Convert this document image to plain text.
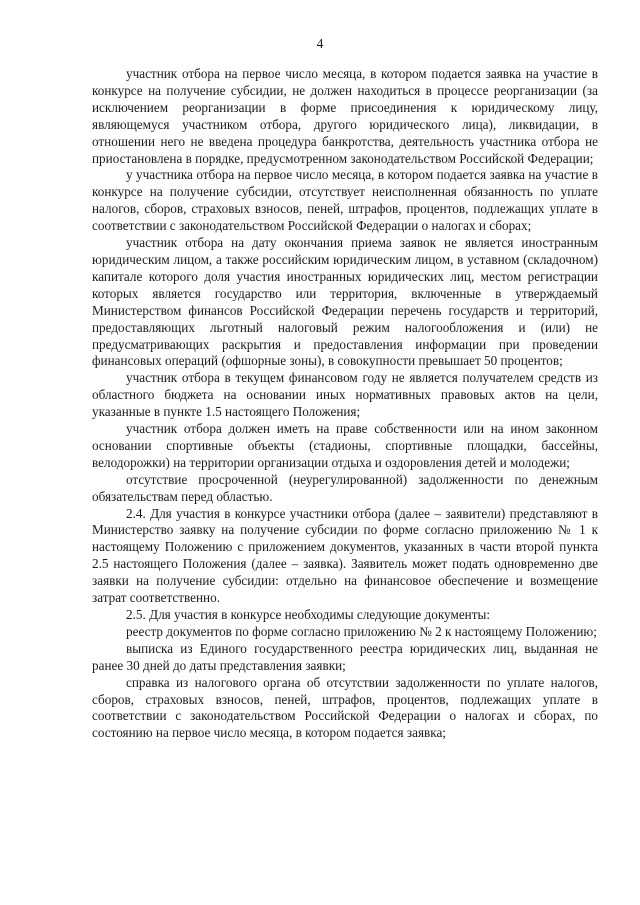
4

участник отбора на первое число месяца, в котором подается заявка на участие в конкурсе на получение субсидии, не должен находиться в процессе реорганизации (за исключением реорганизации в форме присоединения к юридическому лицу, являющемуся участником отбора, другого юридического лица), ликвидации, в отношении него не введена процедура банкротства, деятельность участника отбора не приостановлена в порядке, предусмотренном законодательством Российской Федерации;

у участника отбора на первое число месяца, в котором подается заявка на участие в конкурсе на получение субсидии, отсутствует неисполненная обязанность по уплате налогов, сборов, страховых взносов, пеней, штрафов, процентов, подлежащих уплате в соответствии с законодательством Российской Федерации о налогах и сборах;

участник отбора на дату окончания приема заявок не является иностранным юридическим лицом, а также российским юридическим лицом, в уставном (складочном) капитале которого доля участия иностранных юридических лиц, местом регистрации которых является государство или территория, включенные в утверждаемый Министерством финансов Российской Федерации перечень государств и территорий, предоставляющих льготный налоговый режим налогообложения и (или) не предусматривающих раскрытия и предоставления информации при проведении финансовых операций (офшорные зоны), в совокупности превышает 50 процентов;

участник отбора в текущем финансовом году не является получателем средств из областного бюджета на основании иных нормативных правовых актов на цели, указанные в пункте 1.5 настоящего Положения;

участник отбора должен иметь на праве собственности или на ином законном основании спортивные объекты (стадионы, спортивные площадки, бассейны, велодорожки) на территории организации отдыха и оздоровления детей и молодежи;

отсутствие просроченной (неурегулированной) задолженности по денежным обязательствам перед областью.

2.4. Для участия в конкурсе участники отбора (далее – заявители) представляют в Министерство заявку на получение субсидии по форме согласно приложению № 1 к настоящему Положению с приложением документов, указанных в части второй пункта 2.5 настоящего Положения (далее – заявка). Заявитель может подать одновременно две заявки на получение субсидии: отдельно на финансовое обеспечение и возмещение затрат соответственно.

2.5. Для участия в конкурсе необходимы следующие документы:

реестр документов по форме согласно приложению № 2 к настоящему Положению;

выписка из Единого государственного реестра юридических лиц, выданная не ранее 30 дней до даты представления заявки;

справка из налогового органа об отсутствии задолженности по уплате налогов, сборов, страховых взносов, пеней, штрафов, процентов, подлежащих уплате в соответствии с законодательством Российской Федерации о налогах и сборах, по состоянию на первое число месяца, в котором подается заявка;
